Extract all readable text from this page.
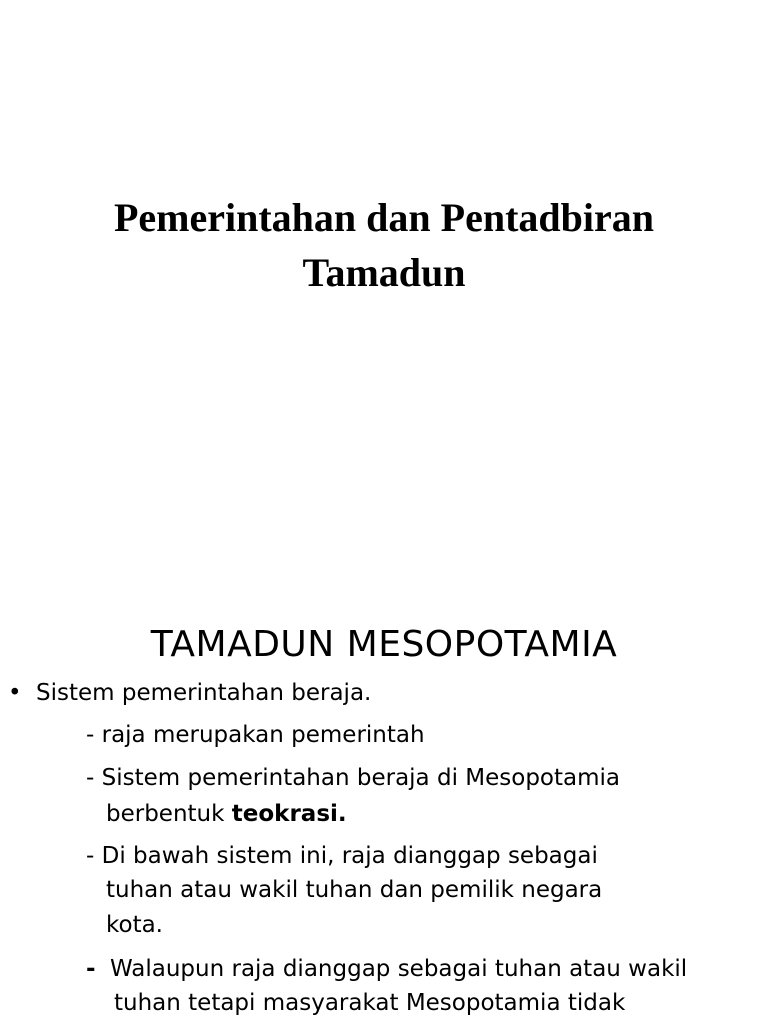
Pemerintahan dan Pentadbiran
Tamadun
TAMADUN MESOPOTAMIA
• Sistem pemerintahan beraja.
- raja merupakan pemerintah
- Sistem pemerintahan beraja di Mesopotamia
berbentuk teokrasi.
- Di bawah sistem ini, raja dianggap sebagai
tuhan atau wakil tuhan dan pemilik negara
kota.
- Walaupun raja dianggap sebagai tuhan atau wakil
tuhan tetapi masyarakat Mesopotamia tidak
